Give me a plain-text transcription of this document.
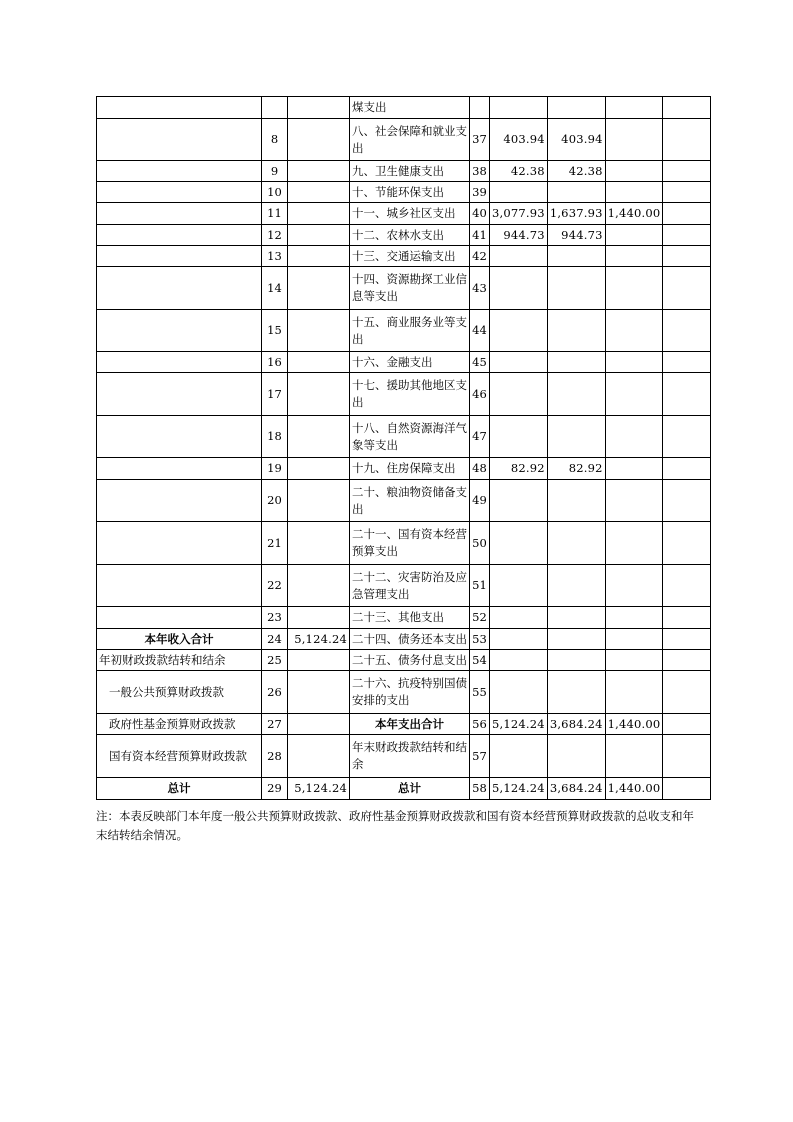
			煤支出					
	8		八、社会保障和就业支出	37	403.94	403.94		
	9		九、卫生健康支出	38	42.38	42.38		
	10		十、节能环保支出	39				
	11		十一、城乡社区支出	40	3,077.93	1,637.93	1,440.00	
	12		十二、农林水支出	41	944.73	944.73		
	13		十三、交通运输支出	42				
	14		十四、资源勘探工业信息等支出	43				
	15		十五、商业服务业等支出	44				
	16		十六、金融支出	45				
	17		十七、援助其他地区支出	46				
	18		十八、自然资源海洋气象等支出	47				
	19		十九、住房保障支出	48	82.92	82.92		
	20		二十、粮油物资储备支出	49				
	21		二十一、国有资本经营预算支出	50				
	22		二十二、灾害防治及应急管理支出	51				
	23		二十三、其他支出	52				
本年收入合计	24	5,124.24	二十四、债务还本支出	53				
年初财政拨款结转和结余	25		二十五、债务付息支出	54				
一般公共预算财政拨款	26		二十六、抗疫特别国债安排的支出	55				
政府性基金预算财政拨款	27		本年支出合计	56	5,124.24	3,684.24	1,440.00	
国有资本经营预算财政拨款	28		年末财政拨款结转和结余	57				
总计	29	5,124.24	总计	58	5,124.24	3,684.24	1,440.00	

注：本表反映部门本年度一般公共预算财政拨款、政府性基金预算财政拨款和国有资本经营预算财政拨款的总收支和年末结转结余情况。
